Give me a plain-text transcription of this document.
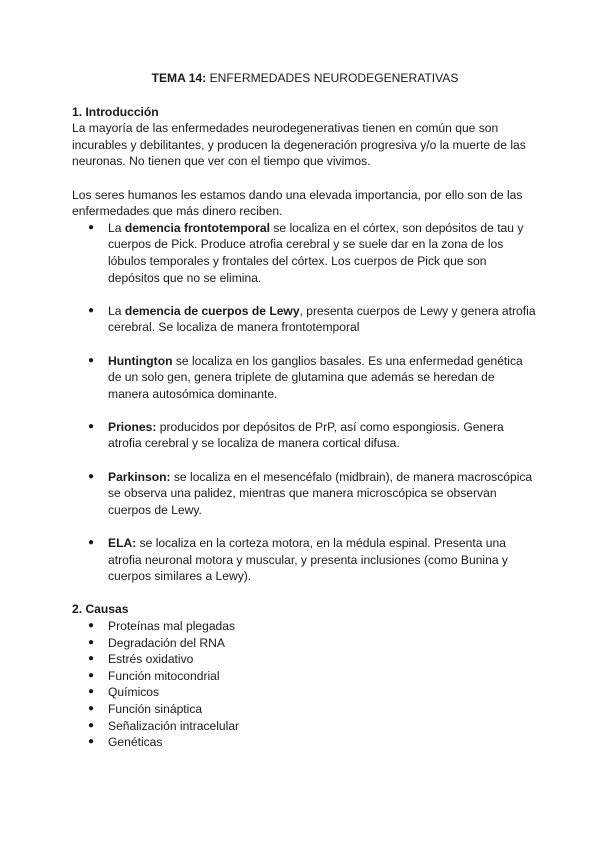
TEMA 14: ENFERMEDADES NEURODEGENERATIVAS
1. Introducción

La mayoría de las enfermedades neurodegenerativas tienen en común que son incurables y debilitantes, y producen la degeneración progresiva y/o la muerte de las neuronas. No tienen que ver con el tiempo que vivimos.

Los seres humanos les estamos dando una elevada importancia, por ello son de las enfermedades que más dinero reciben.

● La demencia frontotemporal se localiza en el córtex, son depósitos de tau y cuerpos de Pick. Produce atrofia cerebral y se suele dar en la zona de los lóbulos temporales y frontales del córtex. Los cuerpos de Pick que son depósitos que no se elimina.
● La demencia de cuerpos de Lewy, presenta cuerpos de Lewy y genera atrofia cerebral. Se localiza de manera frontotemporal
● Huntington se localiza en los ganglios basales. Es una enfermedad genética de un solo gen, genera triplete de glutamina que además se heredan de manera autosómica dominante.
● Priones: producidos por depósitos de PrP, así como espongiosis. Genera atrofia cerebral y se localiza de manera cortical difusa.
● Parkinson: se localiza en el mesencéfalo (midbrain), de manera macroscópica se observa una palidez, mientras que manera microscópica se observan cuerpos de Lewy.
● ELA: se localiza en la corteza motora, en la médula espinal. Presenta una atrofia neuronal motora y muscular, y presenta inclusiones (como Bunina y cuerpos similares a Lewy).
2. Causas
● Proteínas mal plegadas
● Degradación del RNA
● Estrés oxidativo
● Función mitocondrial
● Químicos
● Función sináptica
● Señalización intracelular
● Genéticas
